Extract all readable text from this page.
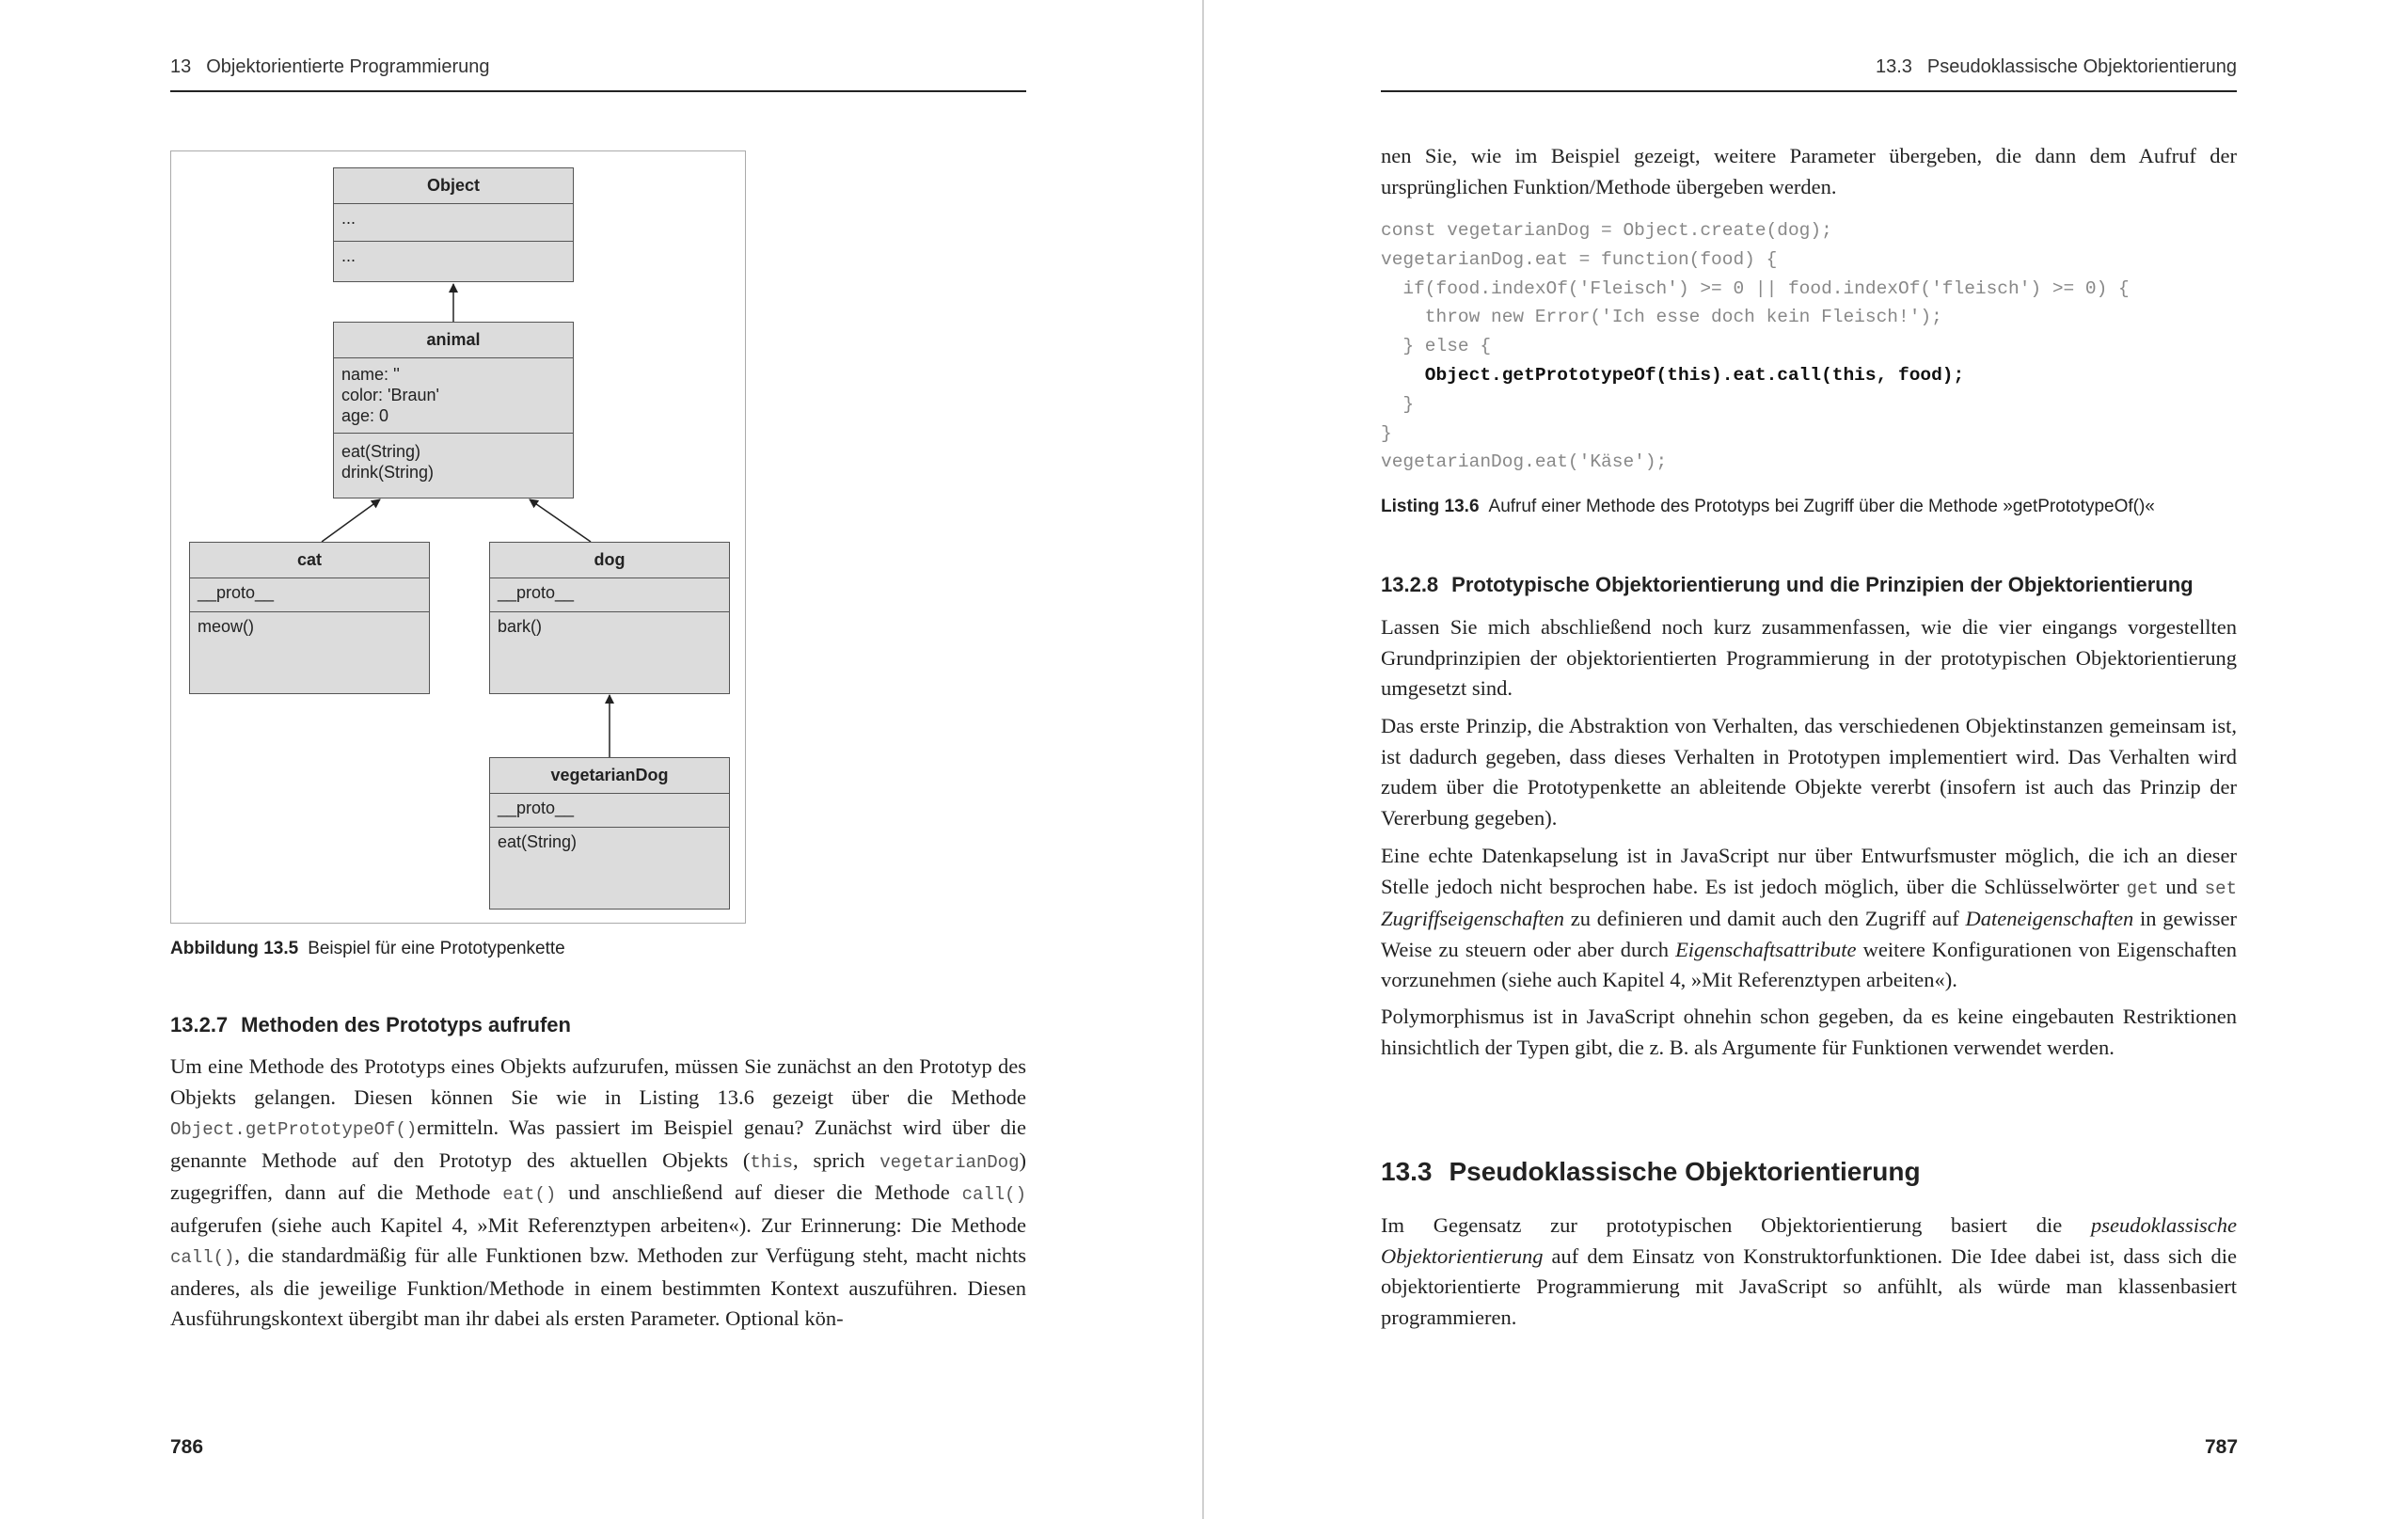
13 Objektorientierte Programmierung
Object
...
...
animal
name: ''
color: 'Braun'
age: 0
eat(String)
drink(String)
cat
__proto__
meow()
dog
__proto__
bark()
vegetarianDog
__proto__
eat(String)
Abbildung 13.5 Beispiel für eine Prototypenkette
13.2.7 Methoden des Prototyps aufrufen
Um eine Methode des Prototyps eines Objekts aufzurufen, müssen Sie zunächst an den Prototyp des Objekts gelangen. Diesen können Sie wie in Listing 13.6 gezeigt über die Methode Object.getPrototypeOf()ermitteln. Was passiert im Beispiel genau? Zunächst wird über die genannte Methode auf den Prototyp des aktuellen Objekts (this, sprich vegetarianDog) zugegriffen, dann auf die Methode eat() und anschließend auf dieser die Methode call() aufgerufen (siehe auch Kapitel 4, »Mit Referenztypen arbeiten«). Zur Erinnerung: Die Methode call(), die standardmäßig für alle Funktionen bzw. Methoden zur Verfügung steht, macht nichts anderes, als die jeweilige Funktion/Methode in einem bestimmten Kontext auszuführen. Diesen Ausführungskontext übergibt man ihr dabei als ersten Parameter. Optional kön-
786
13.3 Pseudoklassische Objektorientierung
nen Sie, wie im Beispiel gezeigt, weitere Parameter übergeben, die dann dem Aufruf der ursprünglichen Funktion/Methode übergeben werden.
const vegetarianDog = Object.create(dog);
vegetarianDog.eat = function(food) {
if(food.indexOf('Fleisch') >= 0 || food.indexOf('fleisch') >= 0) {
throw new Error('Ich esse doch kein Fleisch!');
} else {
Object.getPrototypeOf(this).eat.call(this, food);
}
}
vegetarianDog.eat('Käse');
Listing 13.6 Aufruf einer Methode des Prototyps bei Zugriff über die Methode »getPrototypeOf()«
13.2.8 Prototypische Objektorientierung und die Prinzipien der Objektorientierung
Lassen Sie mich abschließend noch kurz zusammenfassen, wie die vier eingangs vorgestellten Grundprinzipien der objektorientierten Programmierung in der prototypischen Objektorientierung umgesetzt sind.
Das erste Prinzip, die Abstraktion von Verhalten, das verschiedenen Objektinstanzen gemeinsam ist, ist dadurch gegeben, dass dieses Verhalten in Prototypen implementiert wird. Das Verhalten wird zudem über die Prototypenkette an ableitende Objekte vererbt (insofern ist auch das Prinzip der Vererbung gegeben).
Eine echte Datenkapselung ist in JavaScript nur über Entwurfsmuster möglich, die ich an dieser Stelle jedoch nicht besprochen habe. Es ist jedoch möglich, über die Schlüsselwörter get und set Zugriffseigenschaften zu definieren und damit auch den Zugriff auf Dateneigenschaften in gewisser Weise zu steuern oder aber durch Eigenschaftsattribute weitere Konfigurationen von Eigenschaften vorzunehmen (siehe auch Kapitel 4, »Mit Referenztypen arbeiten«).
Polymorphismus ist in JavaScript ohnehin schon gegeben, da es keine eingebauten Restriktionen hinsichtlich der Typen gibt, die z. B. als Argumente für Funktionen verwendet werden.
13.3 Pseudoklassische Objektorientierung
Im Gegensatz zur prototypischen Objektorientierung basiert die pseudoklassische Objektorientierung auf dem Einsatz von Konstruktorfunktionen. Die Idee dabei ist, dass sich die objektorientierte Programmierung mit JavaScript so anfühlt, als würde man klassenbasiert programmieren.
787
